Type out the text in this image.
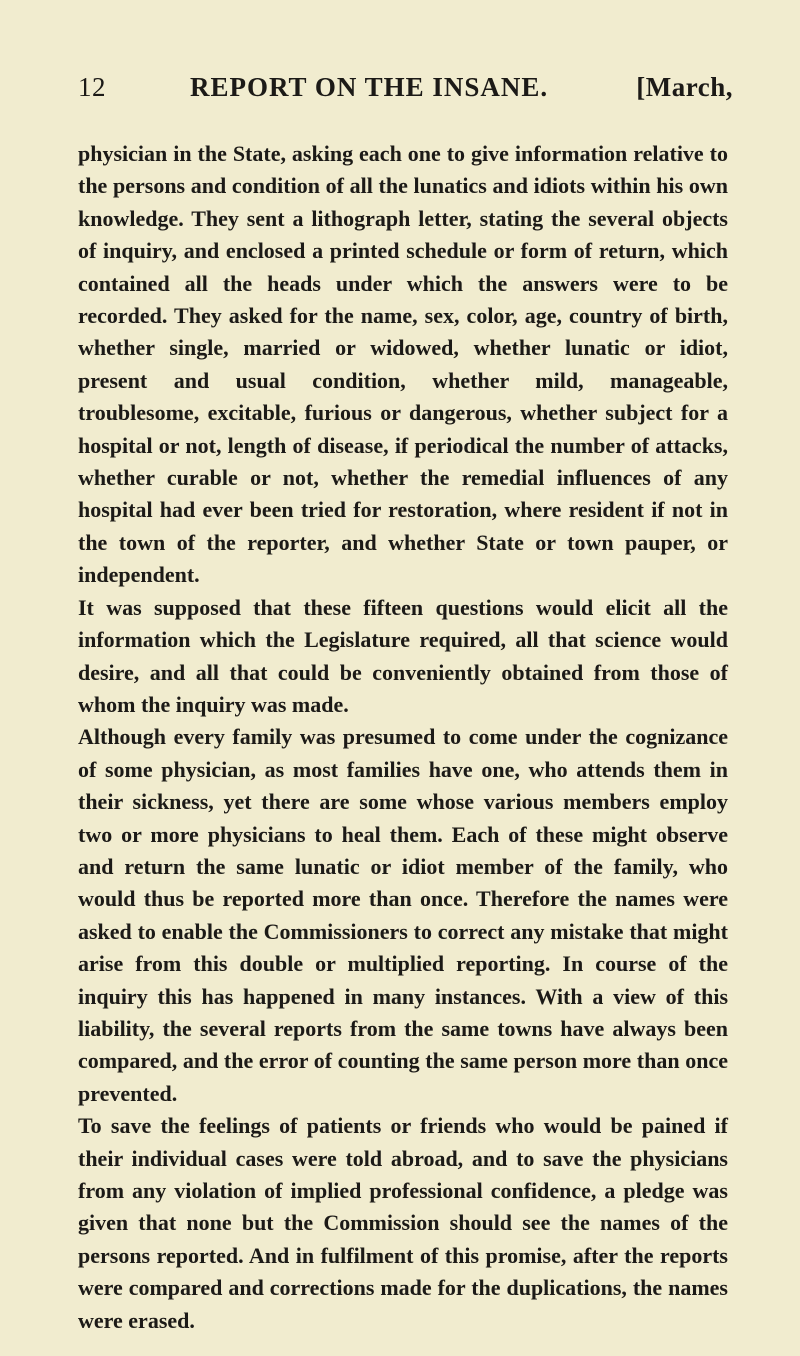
12	REPORT ON THE INSANE.	[March,

physician in the State, asking each one to give information relative to the persons and condition of all the lunatics and idiots within his own knowledge. They sent a lithograph letter, stating the several objects of inquiry, and enclosed a printed schedule or form of return, which contained all the heads under which the answers were to be recorded. They asked for the name, sex, color, age, country of birth, whether single, married or widowed, whether lunatic or idiot, present and usual condition, whether mild, manageable, troublesome, excitable, furious or dangerous, whether subject for a hospital or not, length of disease, if periodical the number of attacks, whether curable or not, whether the remedial influences of any hospital had ever been tried for restoration, where resident if not in the town of the reporter, and whether State or town pauper, or independent.

It was supposed that these fifteen questions would elicit all the information which the Legislature required, all that science would desire, and all that could be conveniently obtained from those of whom the inquiry was made.

Although every family was presumed to come under the cognizance of some physician, as most families have one, who attends them in their sickness, yet there are some whose various members employ two or more physicians to heal them. Each of these might observe and return the same lunatic or idiot member of the family, who would thus be reported more than once. Therefore the names were asked to enable the Commissioners to correct any mistake that might arise from this double or multiplied reporting. In course of the inquiry this has happened in many instances. With a view of this liability, the several reports from the same towns have always been compared, and the error of counting the same person more than once prevented.

To save the feelings of patients or friends who would be pained if their individual cases were told abroad, and to save the physicians from any violation of implied professional confidence, a pledge was given that none but the Commission should see the names of the persons reported. And in fulfilment of this promise, after the reports were compared and corrections made for the duplications, the names were erased.
